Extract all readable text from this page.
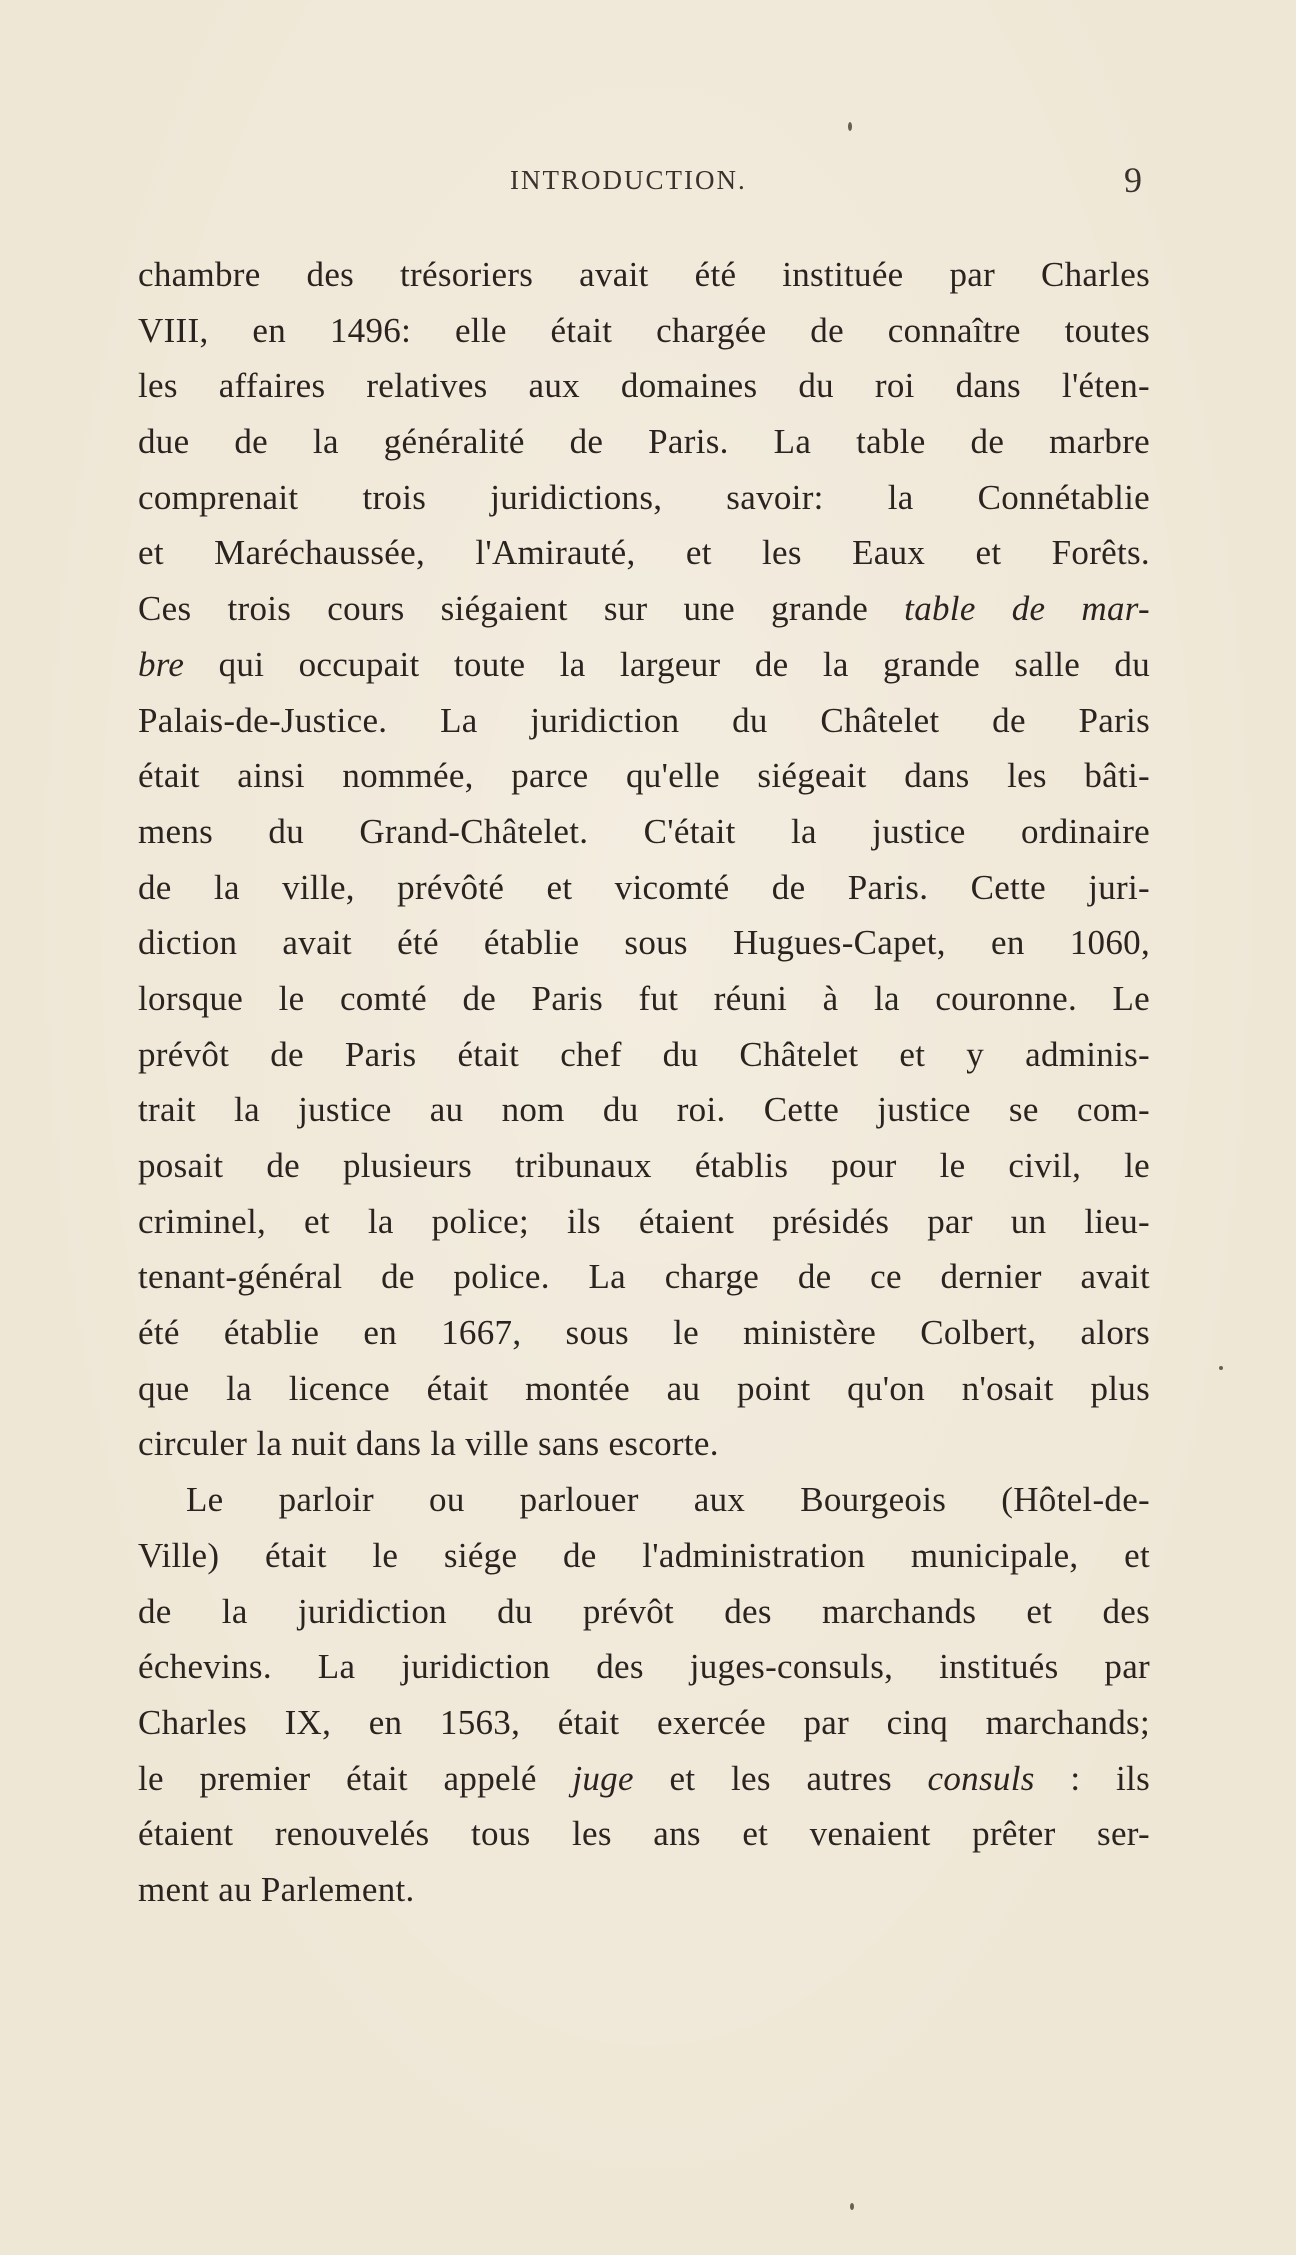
INTRODUCTION.	9
chambre des trésoriers avait été instituée par Charles
VIII, en 1496: elle était chargée de connaître toutes
les affaires relatives aux domaines du roi dans l'éten-
due de la généralité de Paris. La table de marbre
comprenait trois juridictions, savoir: la Connétablie
et Maréchaussée, l'Amirauté, et les Eaux et Forêts.
Ces trois cours siégaient sur une grande table de mar-
bre qui occupait toute la largeur de la grande salle du
Palais-de-Justice. La juridiction du Châtelet de Paris
était ainsi nommée, parce qu'elle siégeait dans les bâti-
mens du Grand-Châtelet. C'était la justice ordinaire
de la ville, prévôté et vicomté de Paris. Cette juri-
diction avait été établie sous Hugues-Capet, en 1060,
lorsque le comté de Paris fut réuni à la couronne. Le
prévôt de Paris était chef du Châtelet et y adminis-
trait la justice au nom du roi. Cette justice se com-
posait de plusieurs tribunaux établis pour le civil, le
criminel, et la police; ils étaient présidés par un lieu-
tenant-général de police. La charge de ce dernier avait
été établie en 1667, sous le ministère Colbert, alors
que la licence était montée au point qu'on n'osait plus
circuler la nuit dans la ville sans escorte.
Le parloir ou parlouer aux Bourgeois (Hôtel-de-
Ville) était le siége de l'administration municipale, et
de la juridiction du prévôt des marchands et des
échevins. La juridiction des juges-consuls, institués par
Charles IX, en 1563, était exercée par cinq marchands;
le premier était appelé juge et les autres consuls : ils
étaient renouvelés tous les ans et venaient prêter ser-
ment au Parlement.
